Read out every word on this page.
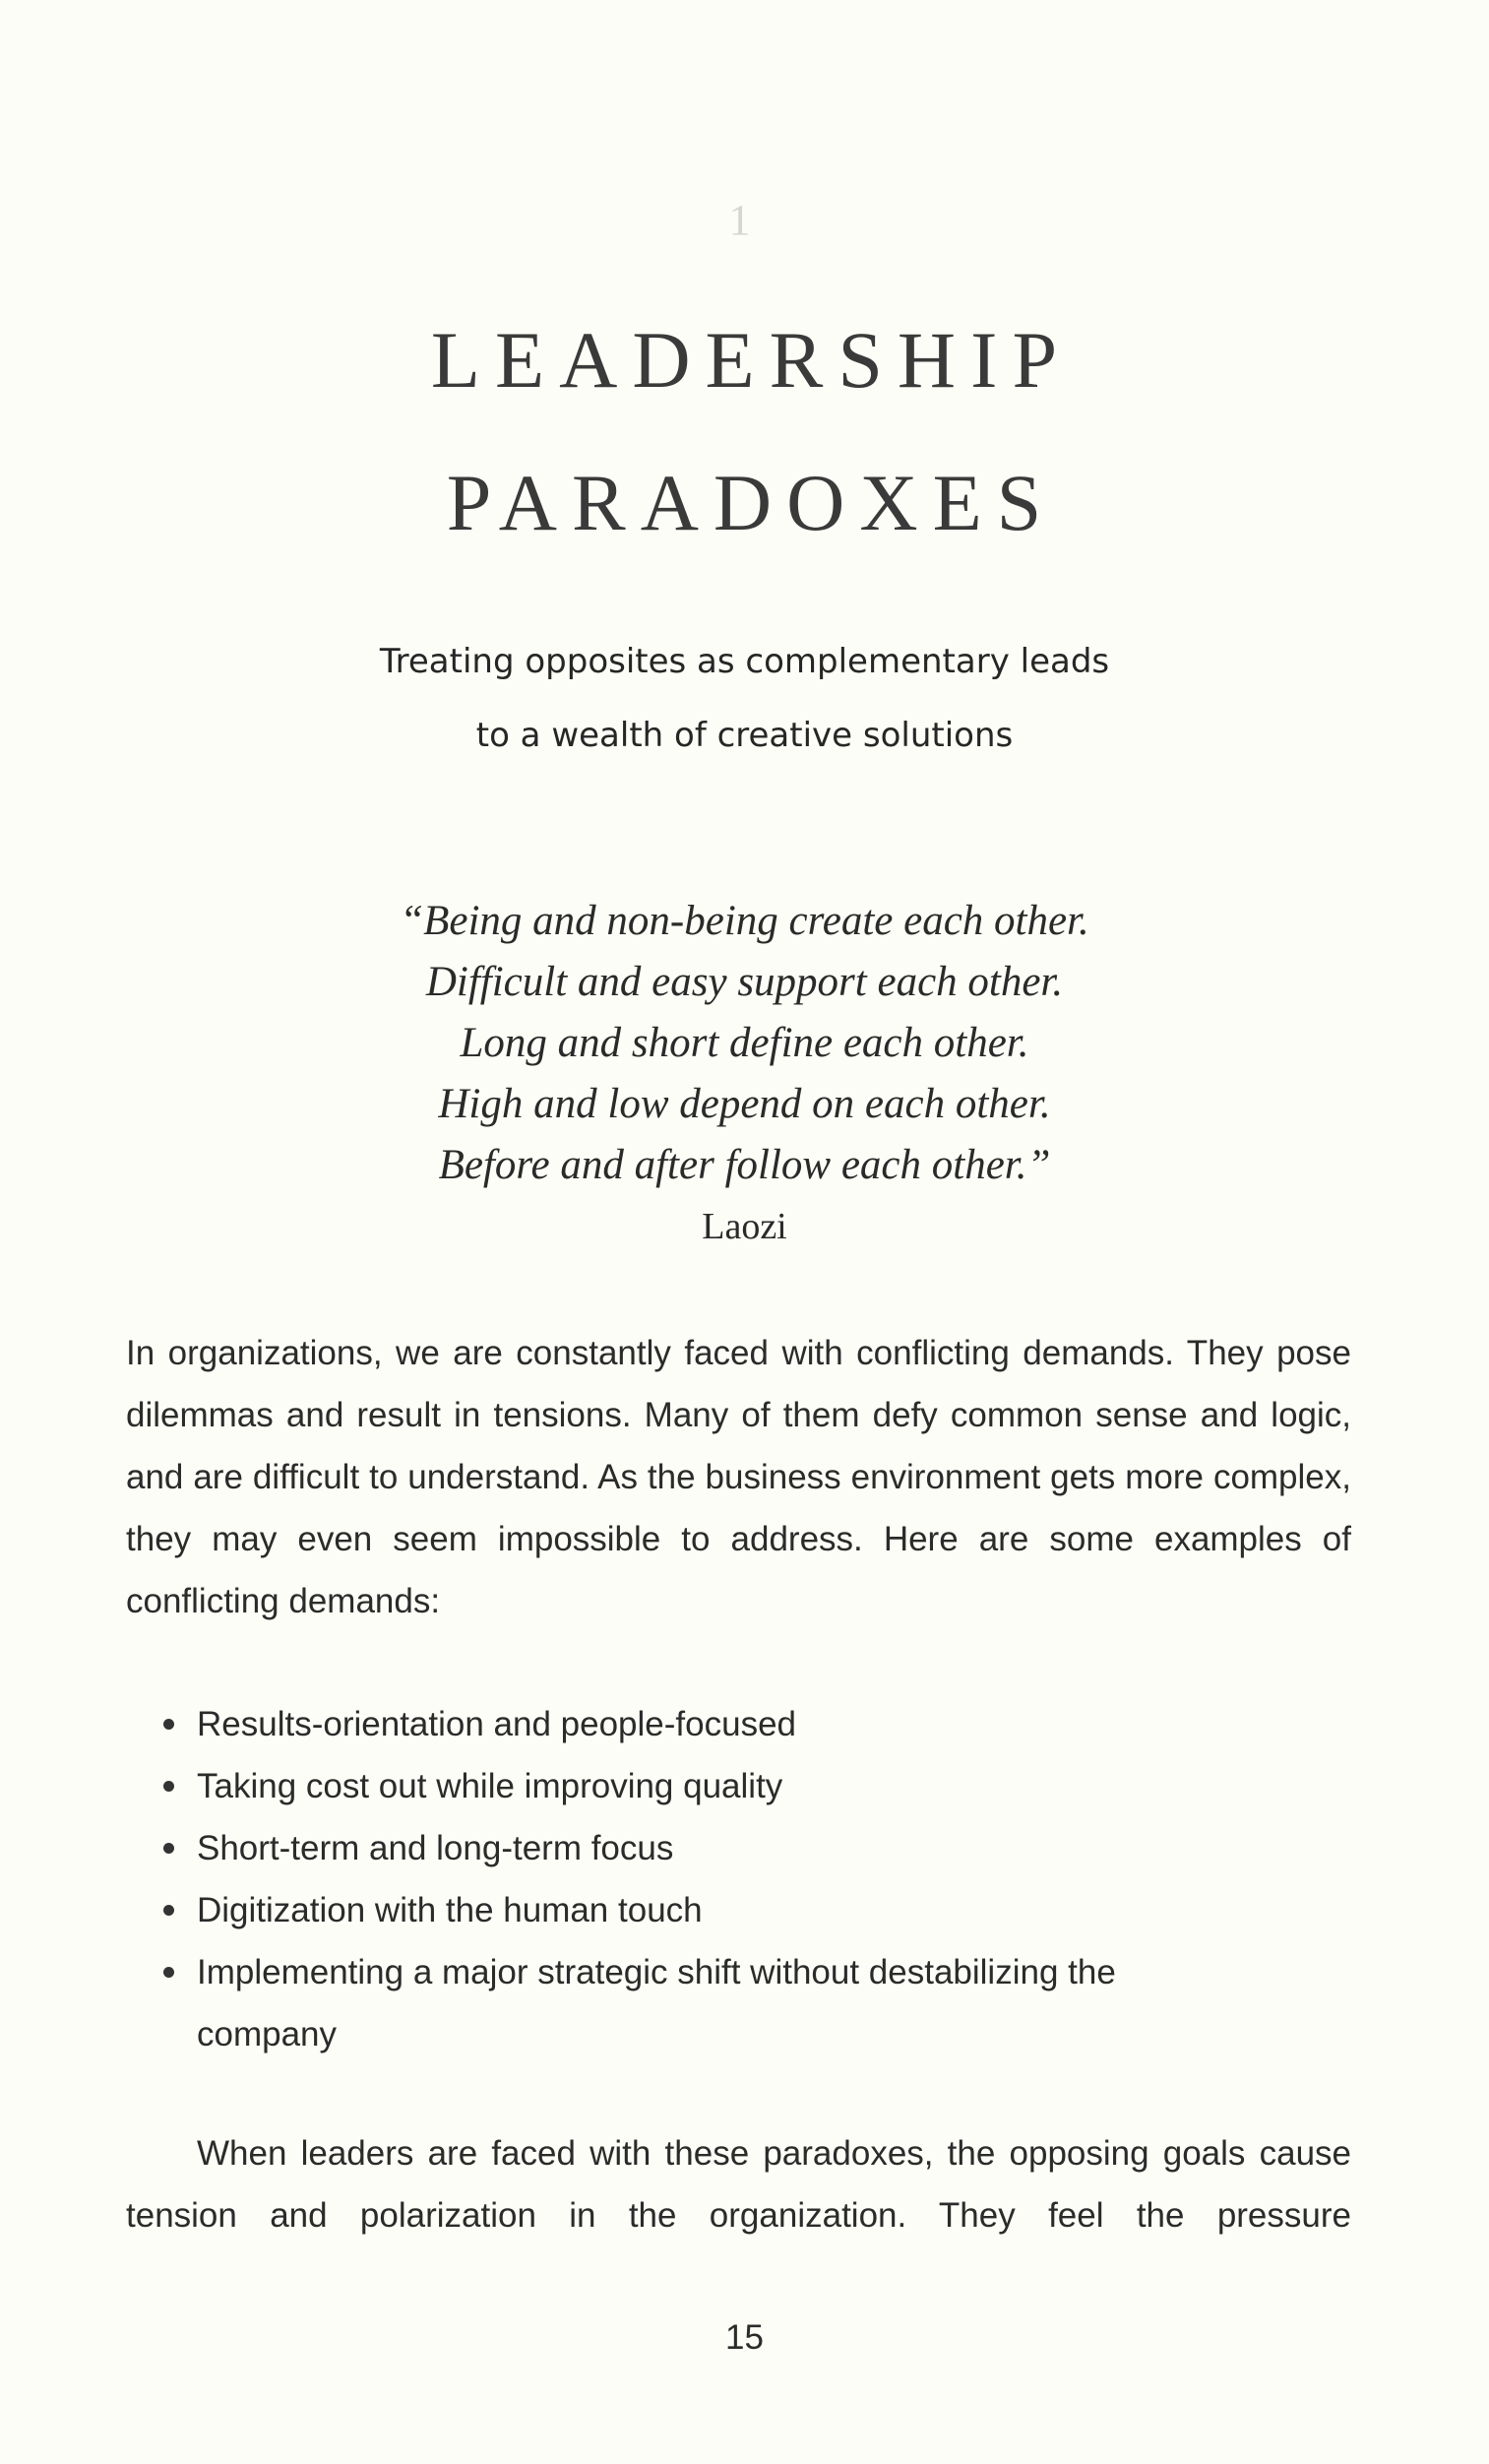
1
LEADERSHIP
PARADOXES
Treating opposites as complementary leads
to a wealth of creative solutions
“Being and non-being create each other.
Difficult and easy support each other.
Long and short define each other.
High and low depend on each other.
Before and after follow each other.”
Laozi

In organizations, we are constantly faced with conflicting demands. They pose dilemmas and result in tensions. Many of them defy common sense and logic, and are difficult to understand. As the business environment gets more complex, they may even seem impossible to address. Here are some examples of conflicting demands:

Results-orientation and people-focused
Taking cost out while improving quality
Short-term and long-term focus
Digitization with the human touch
Implementing a major strategic shift without destabilizing the company

When leaders are faced with these paradoxes, the opposing goals cause tension and polarization in the organization. They feel the pressure

15
